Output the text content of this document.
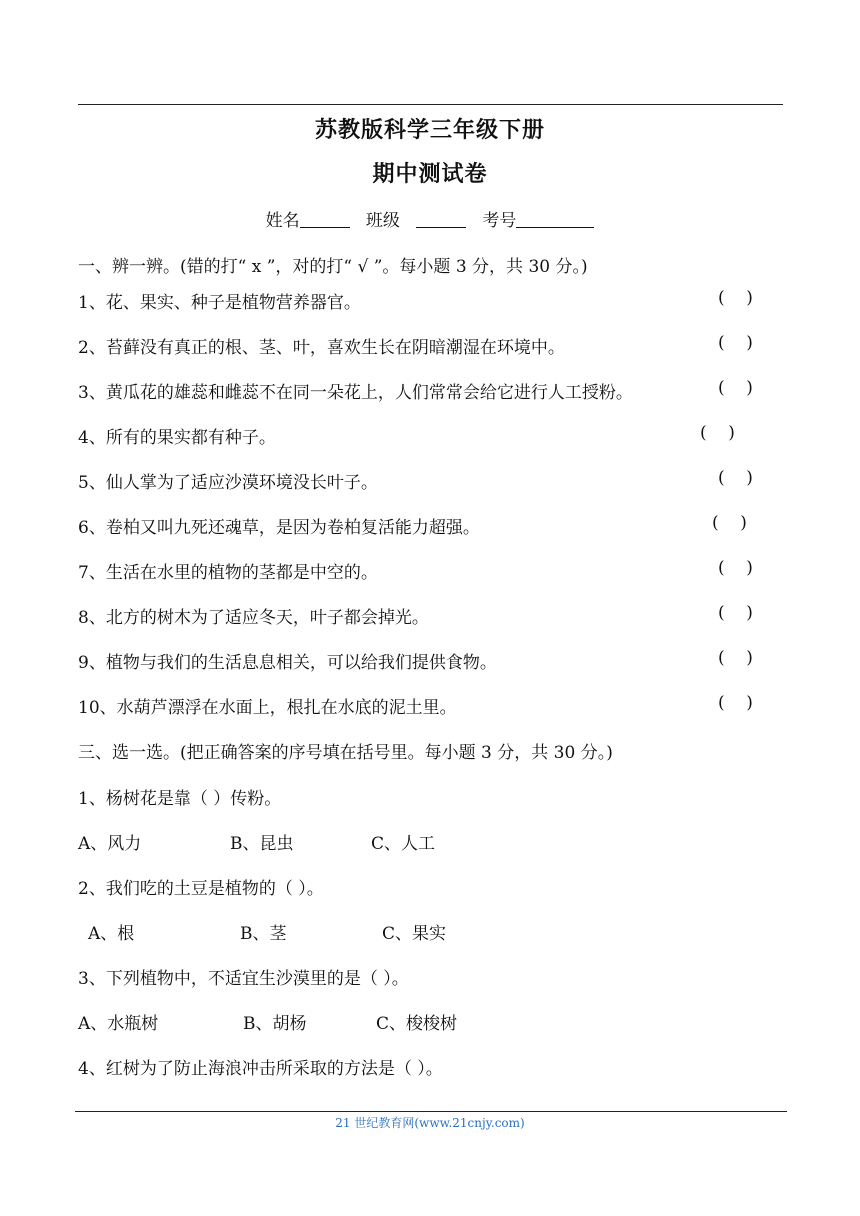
苏教版科学三年级下册
期中测试卷
姓名	班级	考号
一、辨一辨。(错的打“ x ”，对的打“ √ ”。每小题 3 分，共 30 分。)
1、花、果实、种子是植物营养器官。	(    )
2、苔藓没有真正的根、茎、叶，喜欢生长在阴暗潮湿在环境中。	(    )
3、黄瓜花的雄蕊和雌蕊不在同一朵花上，人们常常会给它进行人工授粉。	(    )
4、所有的果实都有种子。	(    )
5、仙人掌为了适应沙漠环境没长叶子。	(    )
6、卷柏又叫九死还魂草，是因为卷柏复活能力超强。	(    )
7、生活在水里的植物的茎都是中空的。	(    )
8、北方的树木为了适应冬天，叶子都会掉光。	(    )
9、植物与我们的生活息息相关，可以给我们提供食物。	(    )
10、水葫芦漂浮在水面上，根扎在水底的泥土里。	(    )
三、选一选。(把正确答案的序号填在括号里。每小题 3 分，共 30 分。)
1、杨树花是靠（ ）传粉。
A、风力	B、昆虫	C、人工
2、我们吃的土豆是植物的（ ）。
A、根	B、茎	C、果实
3、下列植物中，不适宜生沙漠里的是（ ）。
A、水瓶树	B、胡杨	C、梭梭树
4、红树为了防止海浪冲击所采取的方法是（ ）。
21 世纪教育网(www.21cnjy.com)
